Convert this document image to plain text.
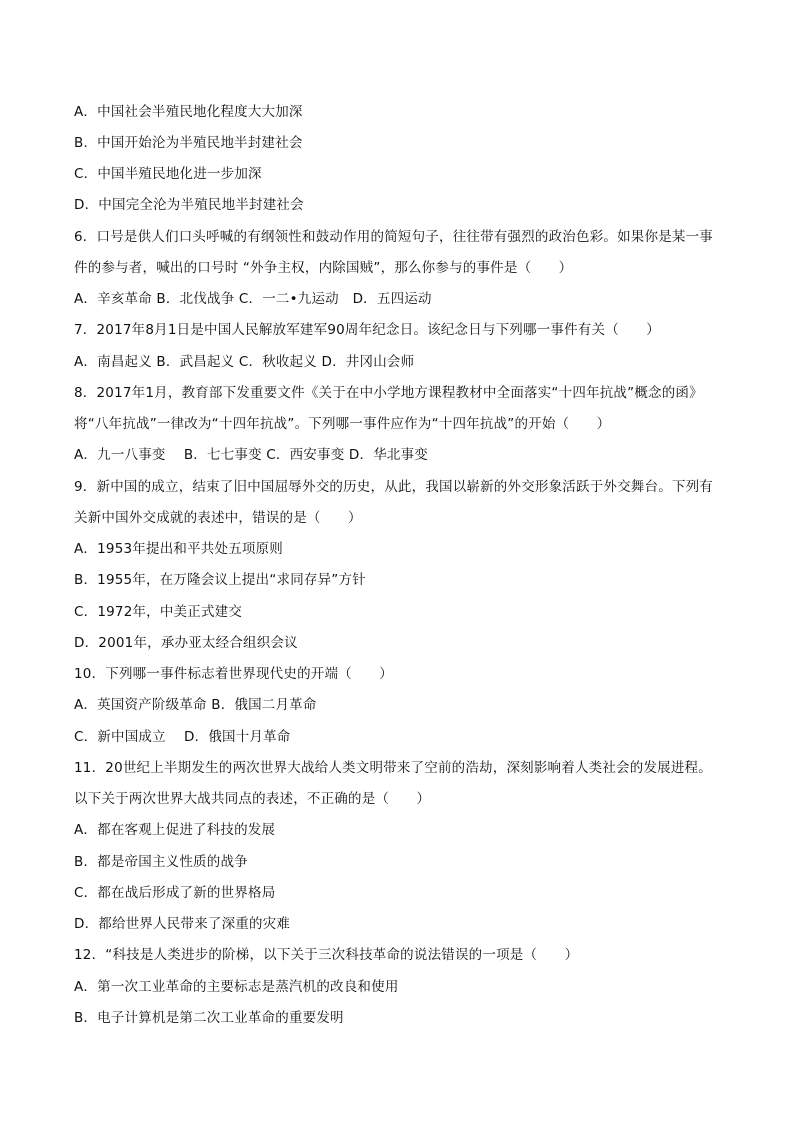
A．中国社会半殖民地化程度大大加深
B．中国开始沦为半殖民地半封建社会
C．中国半殖民地化进一步加深
D．中国完全沦为半殖民地半封建社会
6．口号是供人们口头呼喊的有纲领性和鼓动作用的简短句子，往往带有强烈的政治色彩。如果你是某一事
件的参与者，喊出的口号时 “外争主权，内除国贼”，那么你参与的事件是（　　）
A．辛亥革命 B．北伐战争 C．一二•九运动　D．五四运动
7．2017年8月1日是中国人民解放军建军90周年纪念日。该纪念日与下列哪一事件有关（　　）
A．南昌起义 B．武昌起义 C．秋收起义 D．井冈山会师
8．2017年1月，教育部下发重要文件《关于在中小学地方课程教材中全面落实“十四年抗战”概念的函》
将“八年抗战”一律改为“十四年抗战”。下列哪一事件应作为“十四年抗战”的开始（　　）
A．九一八事变　 B．七七事变 C．西安事变 D．华北事变
9．新中国的成立，结束了旧中国屈辱外交的历史，从此，我国以崭新的外交形象活跃于外交舞台。下列有
关新中国外交成就的表述中，错误的是（　　）
A．1953年提出和平共处五项原则
B．1955年，在万隆会议上提出“求同存异”方针
C．1972年，中美正式建交
D．2001年，承办亚太经合组织会议
10．下列哪一事件标志着世界现代史的开端（　　）
A．英国资产阶级革命 B．俄国二月革命
C．新中国成立　 D．俄国十月革命
11．20世纪上半期发生的两次世界大战给人类文明带来了空前的浩劫，深刻影响着人类社会的发展进程。
以下关于两次世界大战共同点的表述，不正确的是（　　）
A．都在客观上促进了科技的发展
B．都是帝国主义性质的战争
C．都在战后形成了新的世界格局
D．都给世界人民带来了深重的灾难
12．“科技是人类进步的阶梯，以下关于三次科技革命的说法错误的一项是（　　）
A．第一次工业革命的主要标志是蒸汽机的改良和使用
B．电子计算机是第二次工业革命的重要发明
